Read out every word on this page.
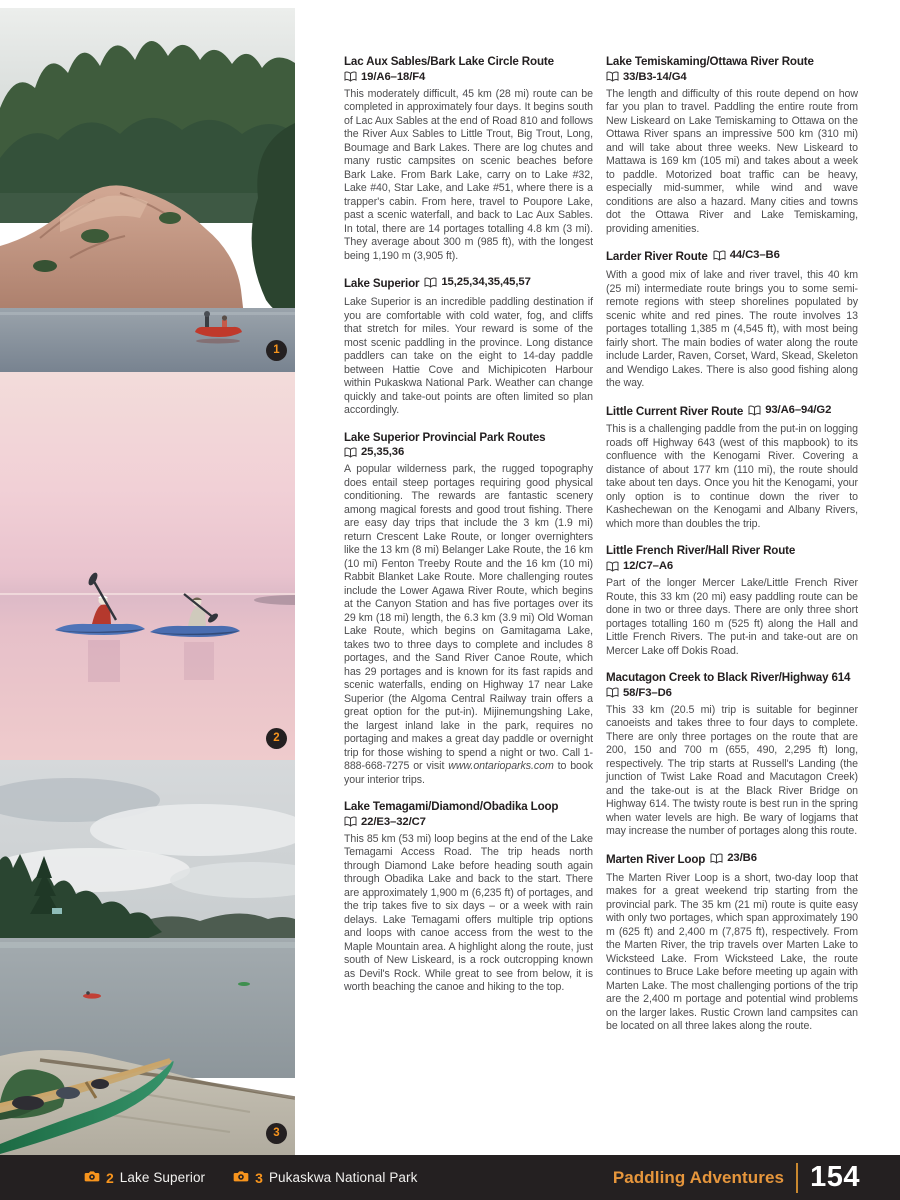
1
2
3
Lac Aux Sables/Bark Lake Circle Route
19/A6–18/F4

This moderately difficult, 45 km (28 mi) route can be completed in approximately four days. It begins south of Lac Aux Sables at the end of Road 810 and follows the River Aux Sables to Little Trout, Big Trout, Long, Boumage and Bark Lakes. There are log chutes and many rustic campsites on scenic beaches before Bark Lake. From Bark Lake, carry on to Lake #32, Lake #40, Star Lake, and Lake #51, where there is a trapper's cabin. From here, travel to Poupore Lake, past a scenic waterfall, and back to Lac Aux Sables. In total, there are 14 portages totalling 4.8 km (3 mi). They average about 300 m (985 ft), with the longest being 1,190 m (3,905 ft).

Lake Superior 15,25,34,35,45,57

Lake Superior is an incredible paddling destination if you are comfortable with cold water, fog, and cliffs that stretch for miles. Your reward is some of the most scenic paddling in the province. Long distance paddlers can take on the eight to 14-day paddle between Hattie Cove and Michipicoten Harbour within Pukaskwa National Park. Weather can change quickly and take-out points are often limited so plan accordingly.

Lake Superior Provincial Park Routes
25,35,36

A popular wilderness park, the rugged topography does entail steep portages requiring good physical conditioning. The rewards are fantastic scenery among magical forests and good trout fishing. There are easy day trips that include the 3 km (1.9 mi) return Crescent Lake Route, or longer overnighters like the 13 km (8 mi) Belanger Lake Route, the 16 km (10 mi) Fenton Treeby Route and the 16 km (10 mi) Rabbit Blanket Lake Route. More challenging routes include the Lower Agawa River Route, which begins at the Canyon Station and has five portages over its 29 km (18 mi) length, the 6.3 km (3.9 mi) Old Woman Lake Route, which begins on Gamitagama Lake, takes two to three days to complete and includes 8 portages, and the Sand River Canoe Route, which has 29 portages and is known for its fast rapids and scenic waterfalls, ending on Highway 17 near Lake Superior (the Algoma Central Railway train offers a great option for the put-in). Mijinemungshing Lake, the largest inland lake in the park, requires no portaging and makes a great day paddle or overnight trip for those wishing to spend a night or two. Call 1-888-668-7275 or visit www.ontarioparks.com to book your interior trips.

Lake Temagami/Diamond/Obadika Loop
22/E3–32/C7

This 85 km (53 mi) loop begins at the end of the Lake Temagami Access Road. The trip heads north through Diamond Lake before heading south again through Obadika Lake and back to the start. There are approximately 1,900 m (6,235 ft) of portages, and the trip takes five to six days – or a week with rain delays. Lake Temagami offers multiple trip options and loops with canoe access from the west to the Maple Mountain area. A highlight along the route, just south of New Liskeard, is a rock outcropping known as Devil's Rock. While great to see from below, it is worth beaching the canoe and hiking to the top.

Lake Temiskaming/Ottawa River Route
33/B3-14/G4

The length and difficulty of this route depend on how far you plan to travel. Paddling the entire route from New Liskeard on Lake Temiskaming to Ottawa on the Ottawa River spans an impressive 500 km (310 mi) and will take about three weeks. New Liskeard to Mattawa is 169 km (105 mi) and takes about a week to paddle. Motorized boat traffic can be heavy, especially mid-summer, while wind and wave conditions are also a hazard. Many cities and towns dot the Ottawa River and Lake Temiskaming, providing amenities.

Larder River Route 44/C3–B6

With a good mix of lake and river travel, this 40 km (25 mi) intermediate route brings you to some semi-remote regions with steep shorelines populated by scenic white and red pines. The route involves 13 portages totalling 1,385 m (4,545 ft), with most being fairly short. The main bodies of water along the route include Larder, Raven, Corset, Ward, Skead, Skeleton and Wendigo Lakes. There is also good fishing along the way.

Little Current River Route 93/A6–94/G2

This is a challenging paddle from the put-in on logging roads off Highway 643 (west of this mapbook) to its confluence with the Kenogami River. Covering a distance of about 177 km (110 mi), the route should take about ten days. Once you hit the Kenogami, your only option is to continue down the river to Kashechewan on the Kenogami and Albany Rivers, which more than doubles the trip.

Little French River/Hall River Route
12/C7–A6

Part of the longer Mercer Lake/Little French River Route, this 33 km (20 mi) easy paddling route can be done in two or three days. There are only three short portages totalling 160 m (525 ft) along the Hall and Little French Rivers. The put-in and take-out are on Mercer Lake off Dokis Road.

Macutagon Creek to Black River/Highway 614
58/F3–D6

This 33 km (20.5 mi) trip is suitable for beginner canoeists and takes three to four days to complete. There are only three portages on the route that are 200, 150 and 700 m (655, 490, 2,295 ft) long, respectively. The trip starts at Russell's Landing (the junction of Twist Lake Road and Macutagon Creek) and the take-out is at the Black River Bridge on Highway 614. The twisty route is best run in the spring when water levels are high. Be wary of logjams that may increase the number of portages along this route.

Marten River Loop 23/B6

The Marten River Loop is a short, two-day loop that makes for a great weekend trip starting from the provincial park. The 35 km (21 mi) route is quite easy with only two portages, which span approximately 190 m (625 ft) and 2,400 m (7,875 ft), respectively. From the Marten River, the trip travels over Marten Lake to Wicksteed Lake. From Wicksteed Lake, the route continues to Bruce Lake before meeting up again with Marten Lake. The most challenging portions of the trip are the 2,400 m portage and potential wind problems on the larger lakes. Rustic Crown land campsites can be located on all three lakes along the route.

2 Lake Superior	3 Pukaskwa National Park	Paddling Adventures 154
